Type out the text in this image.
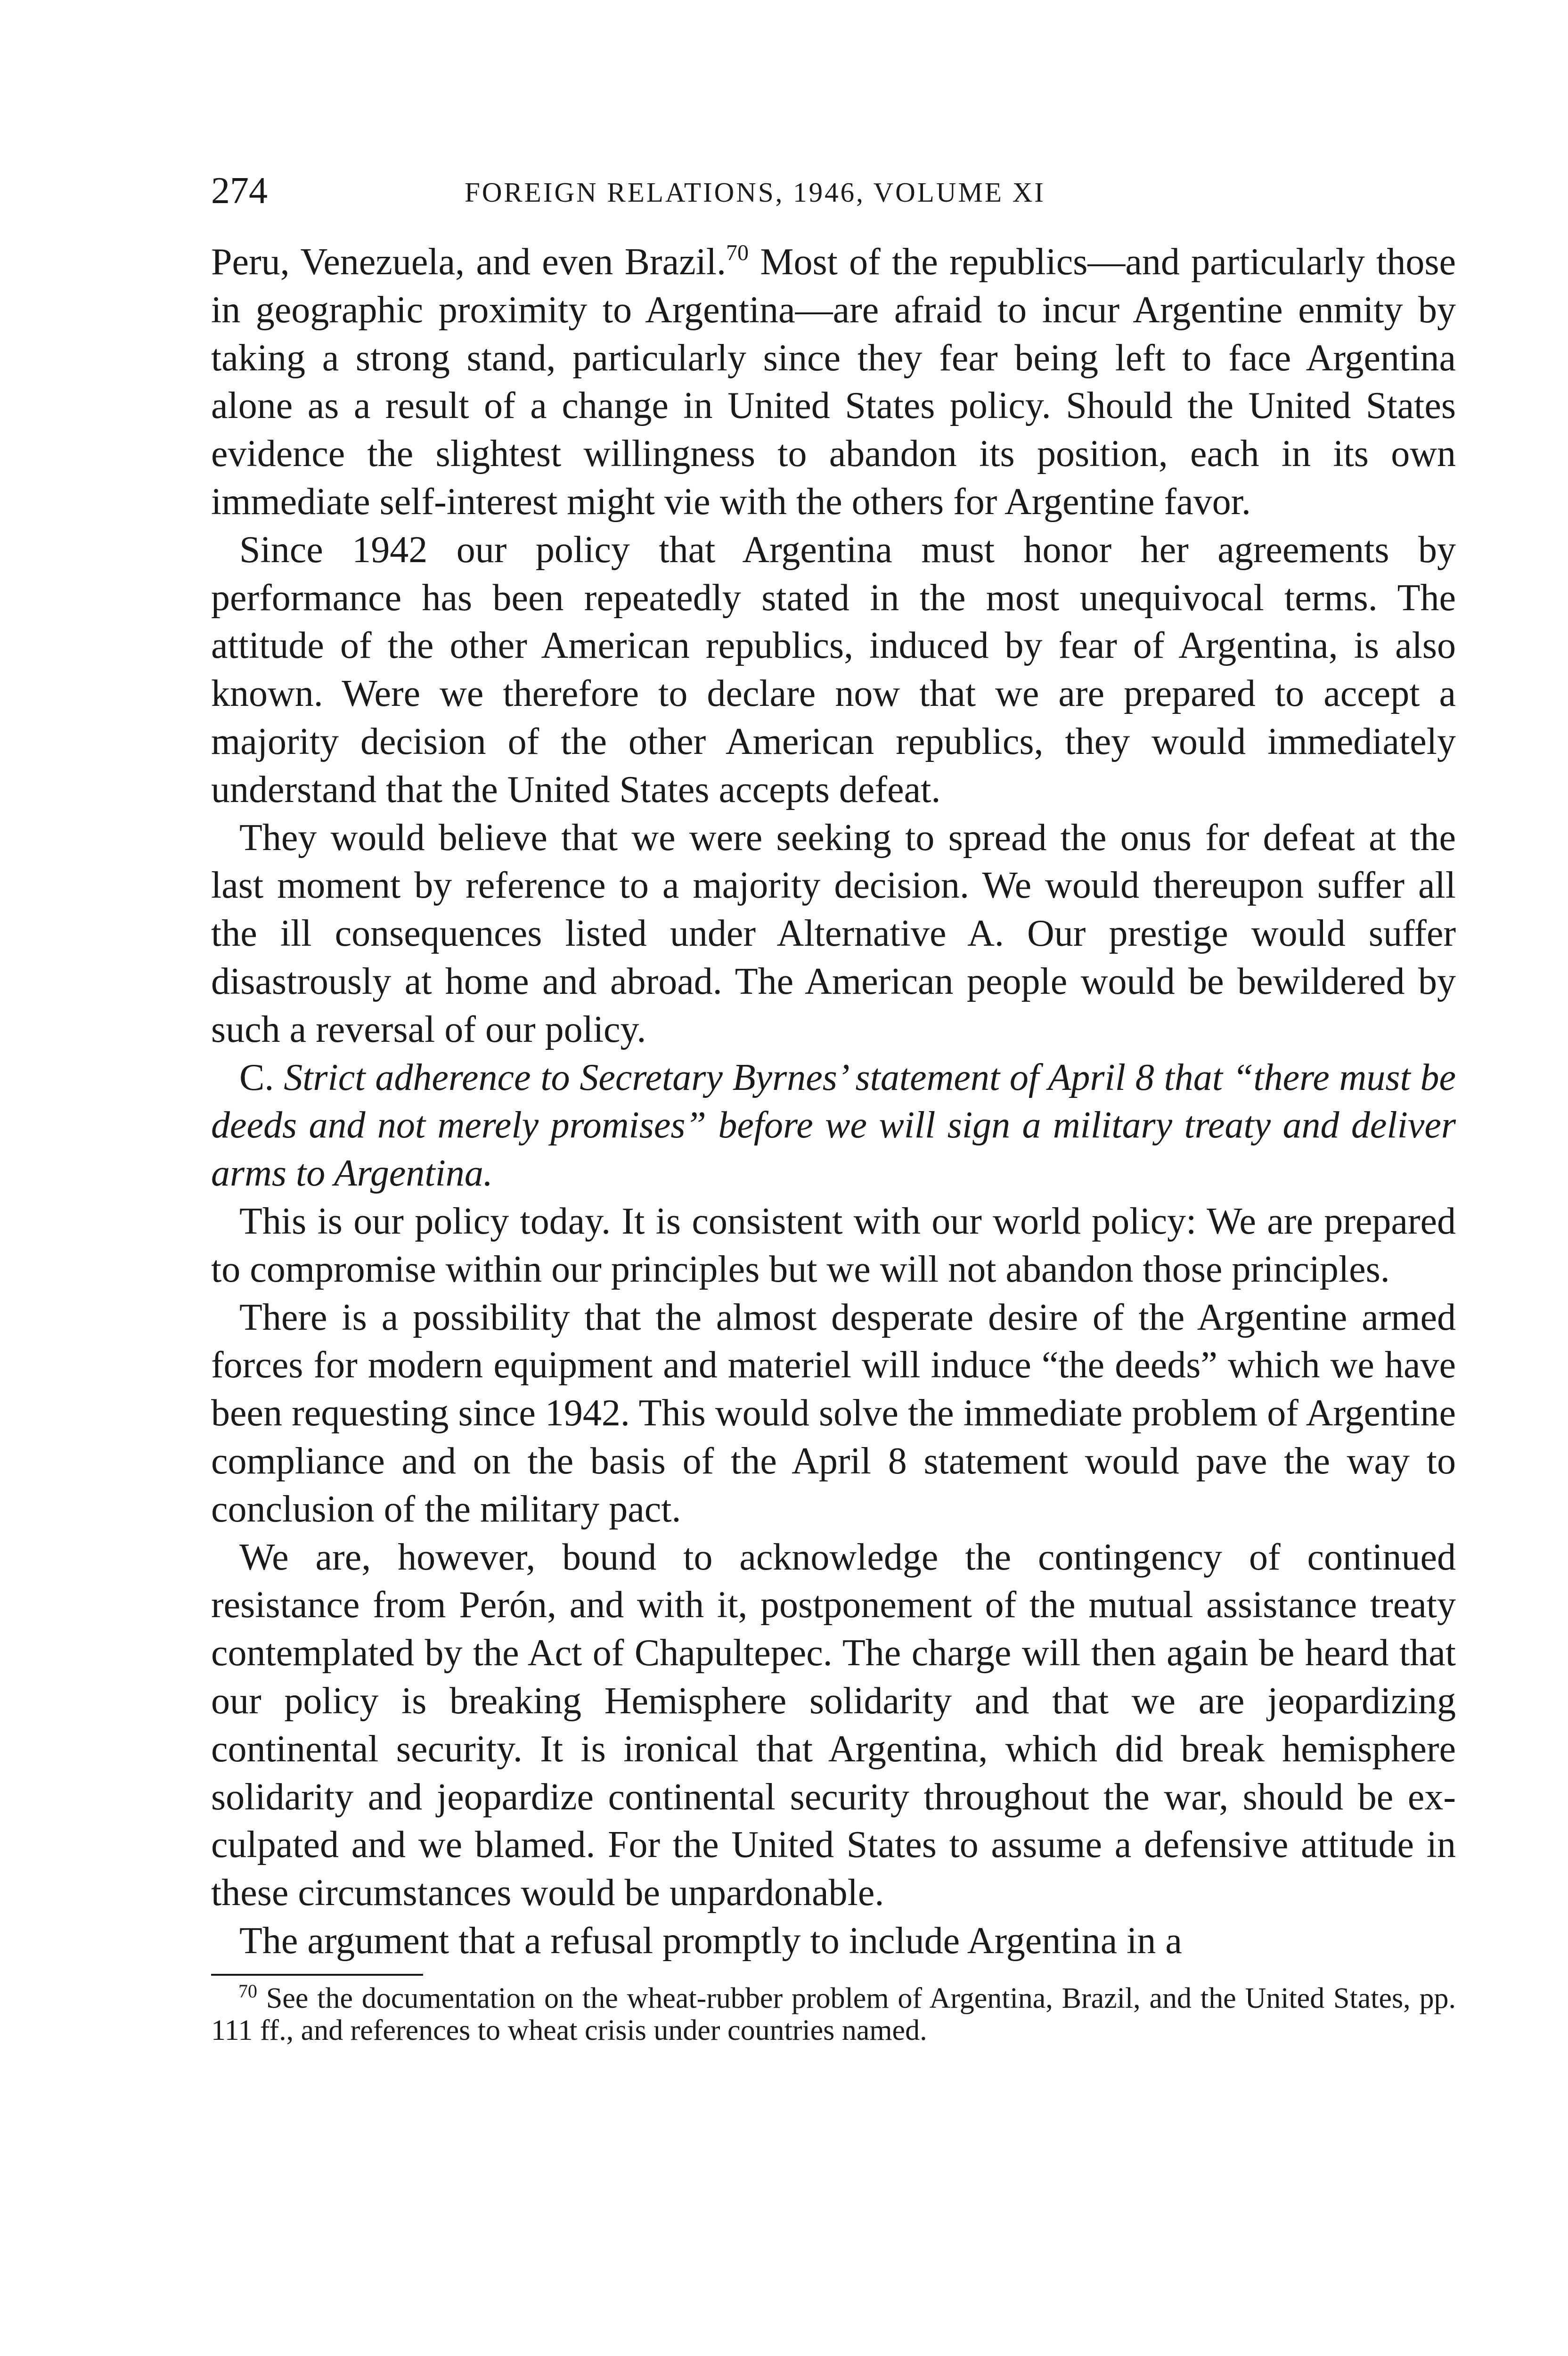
274	FOREIGN RELATIONS, 1946, VOLUME XI

Peru, Venezuela, and even Brazil.$^{70}$ Most of the republics—and particularly those in geographic proximity to Argentina—are afraid to incur Argentine enmity by taking a strong stand, particularly since they fear being left to face Argentina alone as a result of a change in United States policy. Should the United States evidence the slightest willingness to abandon its position, each in its own immediate self-interest might vie with the others for Argentine favor.

Since 1942 our policy that Argentina must honor her agreements by performance has been repeatedly stated in the most unequivocal terms. The attitude of the other American republics, induced by fear of Argentina, is also known. Were we therefore to declare now that we are prepared to accept a majority decision of the other American republics, they would immediately understand that the United States accepts defeat.

They would believe that we were seeking to spread the onus for defeat at the last moment by reference to a majority decision. We would thereupon suffer all the ill consequences listed under Alternative A. Our prestige would suffer disastrously at home and abroad. The American people would be bewildered by such a reversal of our policy.

C. Strict adherence to Secretary Byrnes’ statement of April 8 that “there must be deeds and not merely promises” before we will sign a military treaty and deliver arms to Argentina.

This is our policy today. It is consistent with our world policy: We are prepared to compromise within our principles but we will not abandon those principles.

There is a possibility that the almost desperate desire of the Argentine armed forces for modern equipment and materiel will induce “the deeds” which we have been requesting since 1942. This would solve the immediate problem of Argentine compliance and on the basis of the April 8 statement would pave the way to conclusion of the military pact.

We are, however, bound to acknowledge the contingency of continued resistance from Perón, and with it, postponement of the mutual assistance treaty contemplated by the Act of Chapultepec. The charge will then again be heard that our policy is breaking Hemisphere solidarity and that we are jeopardizing continental security. It is ironical that Argentina, which did break hemisphere solidarity and jeopardize continental security throughout the war, should be exculpated and we blamed. For the United States to assume a defensive attitude in these circumstances would be unpardonable.

The argument that a refusal promptly to include Argentina in a

$^{70}$ See the documentation on the wheat-rubber problem of Argentina, Brazil, and the United States, pp. 111 ff., and references to wheat crisis under countries named.
